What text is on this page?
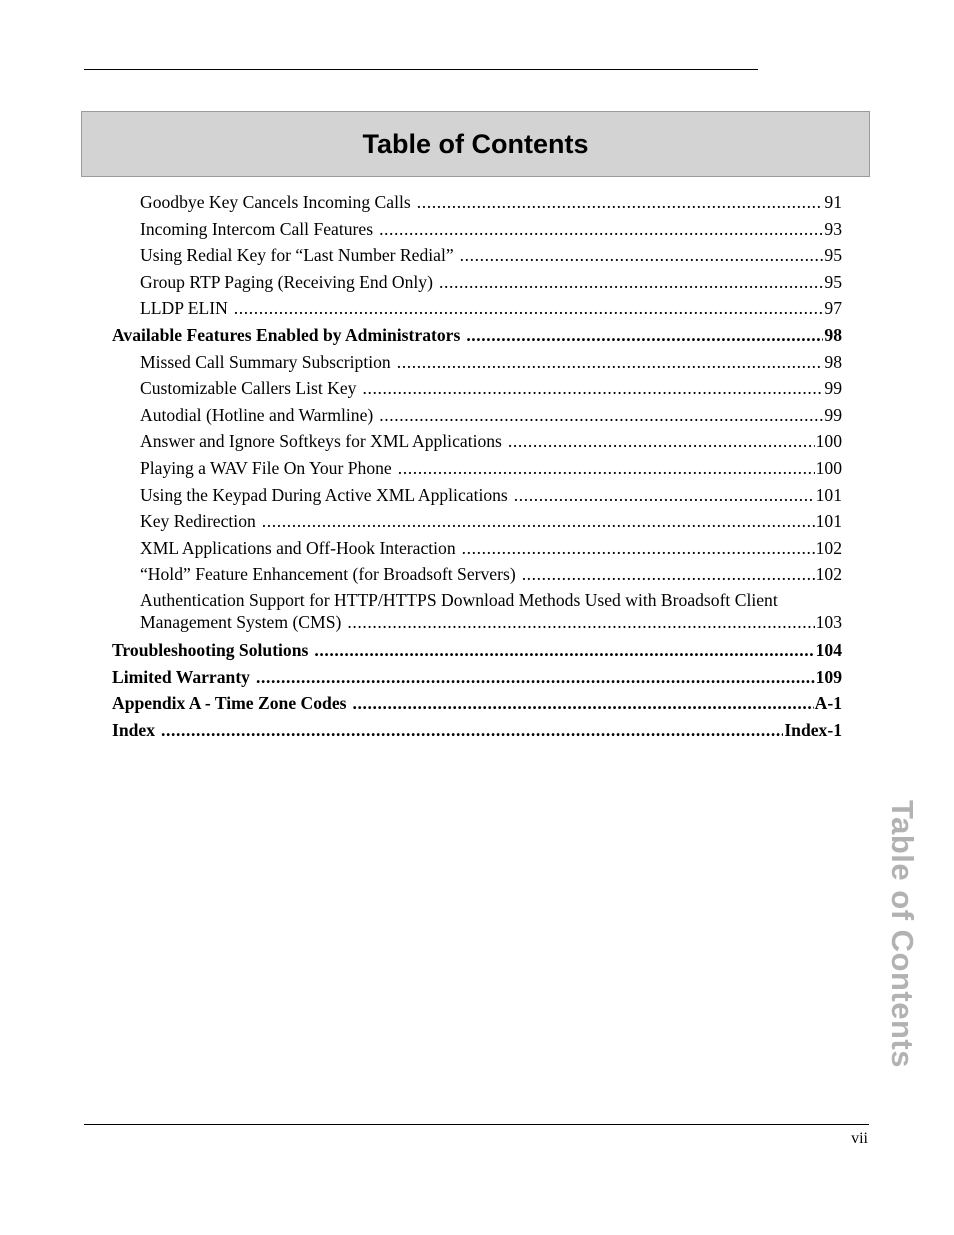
Table of Contents
Goodbye Key Cancels Incoming Calls .....	91
Incoming Intercom Call Features .....	93
Using Redial Key for “Last Number Redial” .....	95
Group RTP Paging (Receiving End Only) .....	95
LLDP ELIN .....	97
Available Features Enabled by Administrators .....	98
Missed Call Summary Subscription .....	98
Customizable Callers List Key .....	99
Autodial (Hotline and Warmline) .....	99
Answer and Ignore Softkeys for XML Applications .....	100
Playing a WAV File On Your Phone .....	100
Using the Keypad During Active XML Applications .....	101
Key Redirection .....	101
XML Applications and Off-Hook Interaction .....	102
“Hold” Feature Enhancement (for Broadsoft Servers) .....	102
Authentication Support for HTTP/HTTPS Download Methods Used with Broadsoft Client
Management System (CMS) .....	103
Troubleshooting Solutions .....	104
Limited Warranty .....	109
Appendix A - Time Zone Codes .....	A-1
Index .....	Index-1
vii
Table of Contents
